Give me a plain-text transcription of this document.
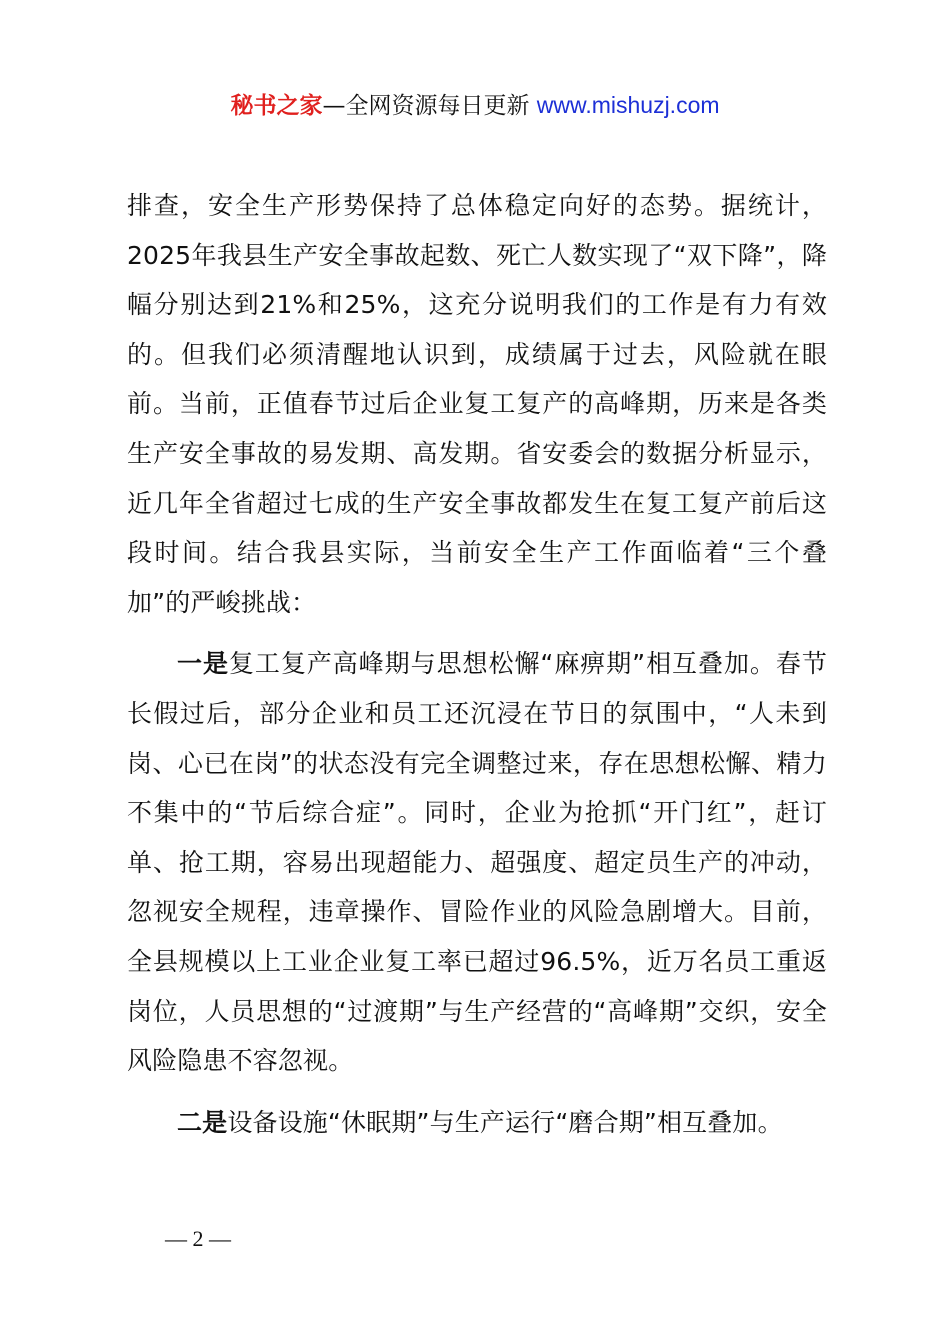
秘书之家—全网资源每日更新 www.mishuzj.com

排查，安全生产形势保持了总体稳定向好的态势。据统计，2025年我县生产安全事故起数、死亡人数实现了“双下降”，降幅分别达到21%和25%，这充分说明我们的工作是有力有效的。但我们必须清醒地认识到，成绩属于过去，风险就在眼前。当前，正值春节过后企业复工复产的高峰期，历来是各类生产安全事故的易发期、高发期。省安委会的数据分析显示，近几年全省超过七成的生产安全事故都发生在复工复产前后这段时间。结合我县实际，当前安全生产工作面临着“三个叠加”的严峻挑战：

一是复工复产高峰期与思想松懈“麻痹期”相互叠加。春节长假过后，部分企业和员工还沉浸在节日的氛围中，“人未到岗、心已在岗”的状态没有完全调整过来，存在思想松懈、精力不集中的“节后综合症”。同时，企业为抢抓“开门红”，赶订单、抢工期，容易出现超能力、超强度、超定员生产的冲动，忽视安全规程，违章操作、冒险作业的风险急剧增大。目前，全县规模以上工业企业复工率已超过96.5%，近万名员工重返岗位，人员思想的“过渡期”与生产经营的“高峰期”交织，安全风险隐患不容忽视。

二是设备设施“休眠期”与生产运行“磨合期”相互叠加。

— 2 —
